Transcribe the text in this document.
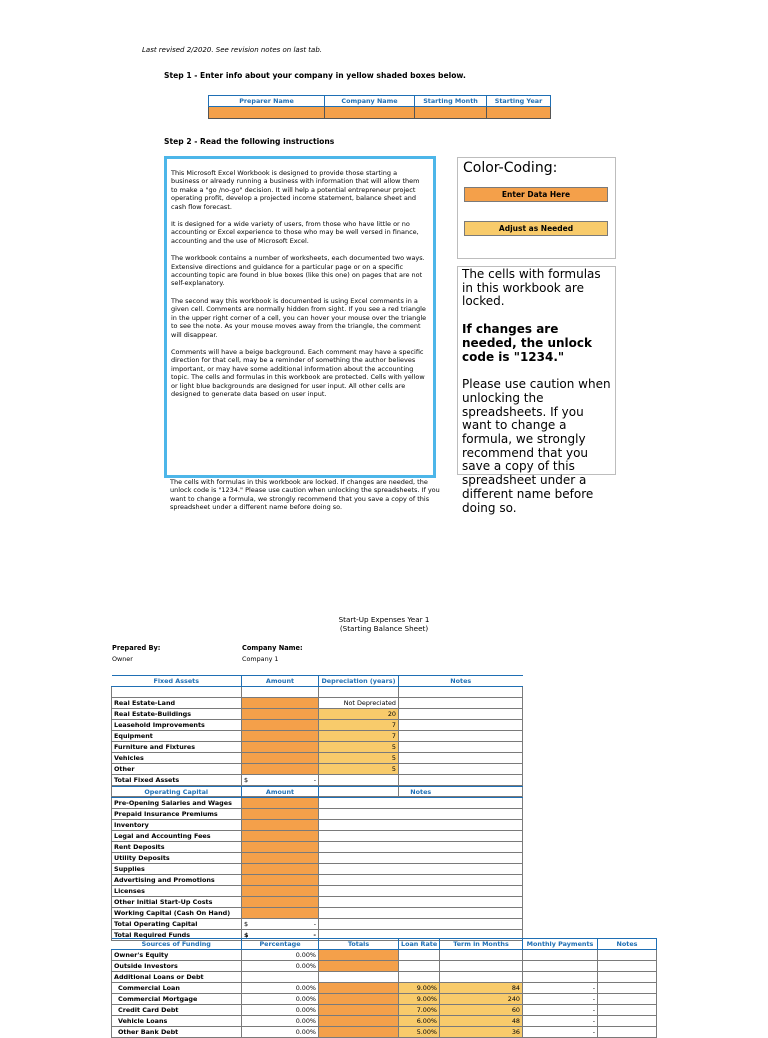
Last revised 2/2020. See revision notes on last tab.
Step 1 - Enter info about your company in yellow shaded boxes below.
Preparer Name	Company Name	Starting Month	Starting Year

Step 2 - Read the following instructions

This Microsoft Excel Workbook is designed to provide those starting a business or already running a business with information that will allow them to make a "go /no-go" decision. It will help a potential entrepreneur project operating profit, develop a projected income statement, balance sheet and cash flow forecast.

It is designed for a wide variety of users, from those who have little or no accounting or Excel experience to those who may be well versed in finance, accounting and the use of Microsoft Excel.

The workbook contains a number of worksheets, each documented two ways. Extensive directions and guidance for a particular page or on a specific accounting topic are found in blue boxes (like this one) on pages that are not self-explanatory.

The second way this workbook is documented is using Excel comments in a given cell. Comments are normally hidden from sight. If you see a red triangle in the upper right corner of a cell, you can hover your mouse over the triangle to see the note. As your mouse moves away from the triangle, the comment will disappear.

Comments will have a beige background. Each comment may have a specific direction for that cell, may be a reminder of something the author believes important, or may have some additional information about the accounting topic. The cells and formulas in this workbook are protected. Cells with yellow or light blue backgrounds are designed for user input. All other cells are designed to generate data based on user input.

The cells with formulas in this workbook are locked. If changes are needed, the unlock code is "1234." Please use caution when unlocking the spreadsheets. If you want to change a formula, we strongly recommend that you save a copy of this spreadsheet under a different name before doing so.
Color-Coding:
Enter Data Here
Adjust as Needed

The cells with formulas in this workbook are locked.

If changes are needed, the unlock code is "1234."

Please use caution when unlocking the spreadsheets. If you want to change a formula, we strongly recommend that you save a copy of this spreadsheet under a different name before doing so.

Start-Up Expenses Year 1
(Starting Balance Sheet)
Prepared By:
Owner
Company Name:
Company 1
Fixed Assets	Amount	Depreciation (years)	Notes

Real Estate-Land		Not Depreciated	
Real Estate-Buildings		20	
Leasehold Improvements		7	
Equipment		7	
Furniture and Fixtures		5	
Vehicles		5	
Other		5	
Total Fixed Assets	$ -		

Operating Capital	Amount	Notes
Pre-Opening Salaries and Wages		
Prepaid Insurance Premiums		
Inventory		
Legal and Accounting Fees		
Rent Deposits		
Utility Deposits		
Supplies		
Advertising and Promotions		
Licenses		
Other Initial Start-Up Costs		
Working Capital (Cash On Hand)		
Total Operating Capital	$ -	

Total Required Funds	$ -	

Sources of Funding	Percentage	Totals	Loan Rate	Term in Months	Monthly Payments	Notes
Owner's Equity	0.00%					
Outside Investors	0.00%					
Additional Loans or Debt						
Commercial Loan	0.00%		9.00%	84	-	
Commercial Mortgage	0.00%		9.00%	240	-	
Credit Card Debt	0.00%		7.00%	60	-	
Vehicle Loans	0.00%		6.00%	48	-	
Other Bank Debt	0.00%		5.00%	36	-	
